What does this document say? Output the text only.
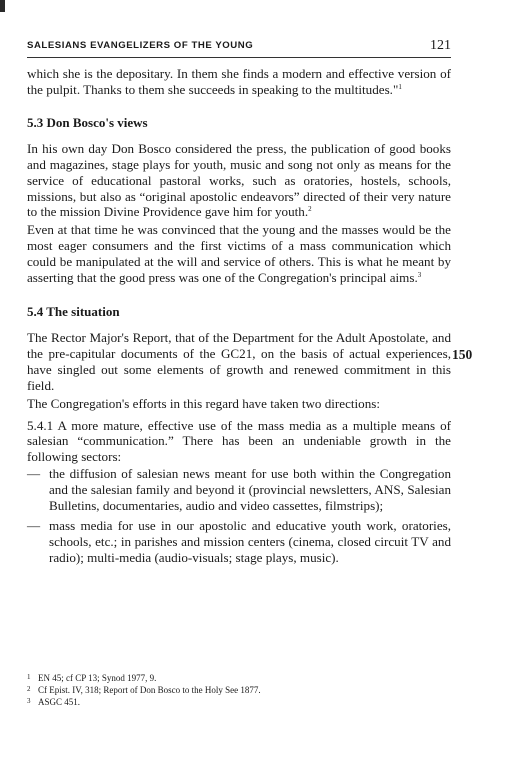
SALESIANS EVANGELIZERS OF THE YOUNG	121
150

which she is the depositary. In them she finds a modern and effective version of the pulpit. Thanks to them she succeeds in speaking to the multitudes."$^1$

5.3 Don Bosco's views

In his own day Don Bosco considered the press, the publication of good books and magazines, stage plays for youth, music and song not only as means for the service of educational pastoral works, such as oratories, hostels, schools, missions, but also as “original apostolic endeavors” directed of their very nature to the mission Divine Providence gave him for youth.$^2$

Even at that time he was convinced that the young and the masses would be the most eager consumers and the first victims of a mass communication which could be manipulated at the will and service of others. This is what he meant by asserting that the good press was one of the Congregation's principal aims.$^3$

5.4 The situation

The Rector Major's Report, that of the Department for the Adult Apostolate, and the pre-capitular documents of the GC21, on the basis of actual experiences, have singled out some elements of growth and renewed commitment in this field.

The Congregation's efforts in this regard have taken two directions:

5.4.1 A more mature, effective use of the mass media as a multiple means of salesian “communication.” There has been an undeniable growth in the following sectors:

— the diffusion of salesian news meant for use both within the Congregation and the salesian family and beyond it (provincial newsletters, ANS, Salesian Bulletins, documentaries, audio and video cassettes, filmstrips);

— mass media for use in our apostolic and educative youth work, oratories, schools, etc.; in parishes and mission centers (cinema, closed circuit TV and radio); multi-media (audio-visuals; stage plays, music).

1 EN 45; cf CP 13; Synod 1977, 9.
2 Cf Epist. IV, 318; Report of Don Bosco to the Holy See 1877.
3 ASGC 451.
